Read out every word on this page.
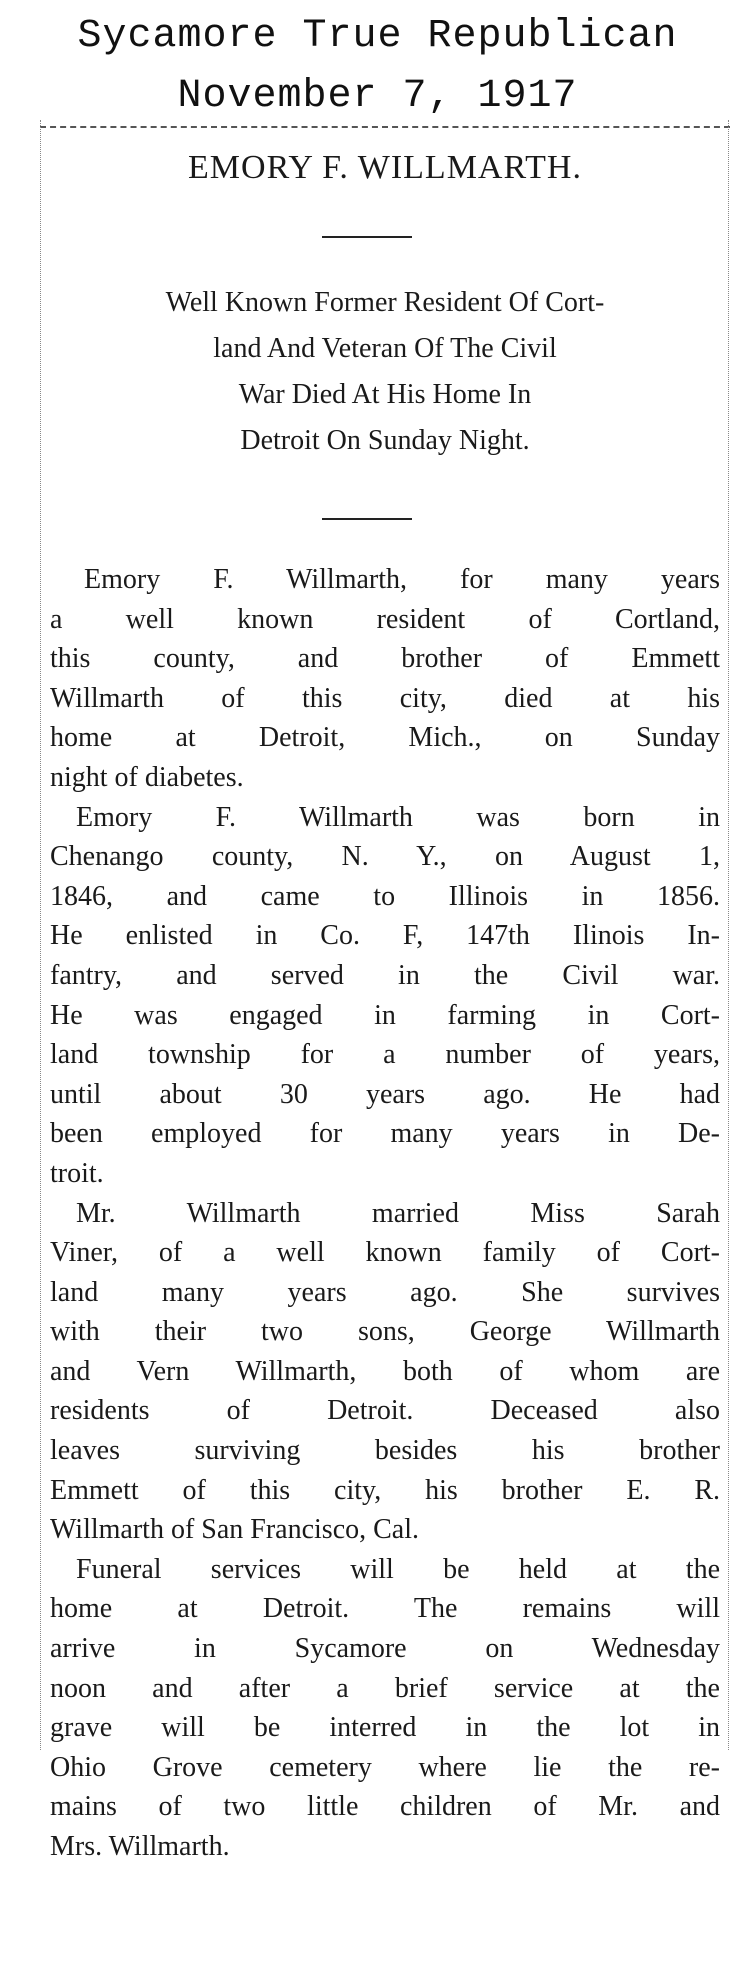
Sycamore True Republican
November 7, 1917
EMORY F. WILLMARTH.
Well Known Former Resident Of Cort-
land And Veteran Of The Civil
War Died At His Home In
Detroit On Sunday Night.
Emory F. Willmarth, for many years
a well known resident of Cortland,
this county, and brother of Emmett
Willmarth of this city, died at his
home at Detroit, Mich., on Sunday
night of diabetes.
Emory F. Willmarth was born in
Chenango county, N. Y., on August 1,
1846, and came to Illinois in 1856.
He enlisted in Co. F, 147th Ilinois In-
fantry, and served in the Civil war.
He was engaged in farming in Cort-
land township for a number of years,
until about 30 years ago. He had
been employed for many years in De-
troit.
Mr. Willmarth married Miss Sarah
Viner, of a well known family of Cort-
land many years ago. She survives
with their two sons, George Willmarth
and Vern Willmarth, both of whom are
residents of Detroit. Deceased also
leaves surviving besides his brother
Emmett of this city, his brother E. R.
Willmarth of San Francisco, Cal.
Funeral services will be held at the
home at Detroit. The remains will
arrive in Sycamore on Wednesday
noon and after a brief service at the
grave will be interred in the lot in
Ohio Grove cemetery where lie the re-
mains of two little children of Mr. and
Mrs. Willmarth.
